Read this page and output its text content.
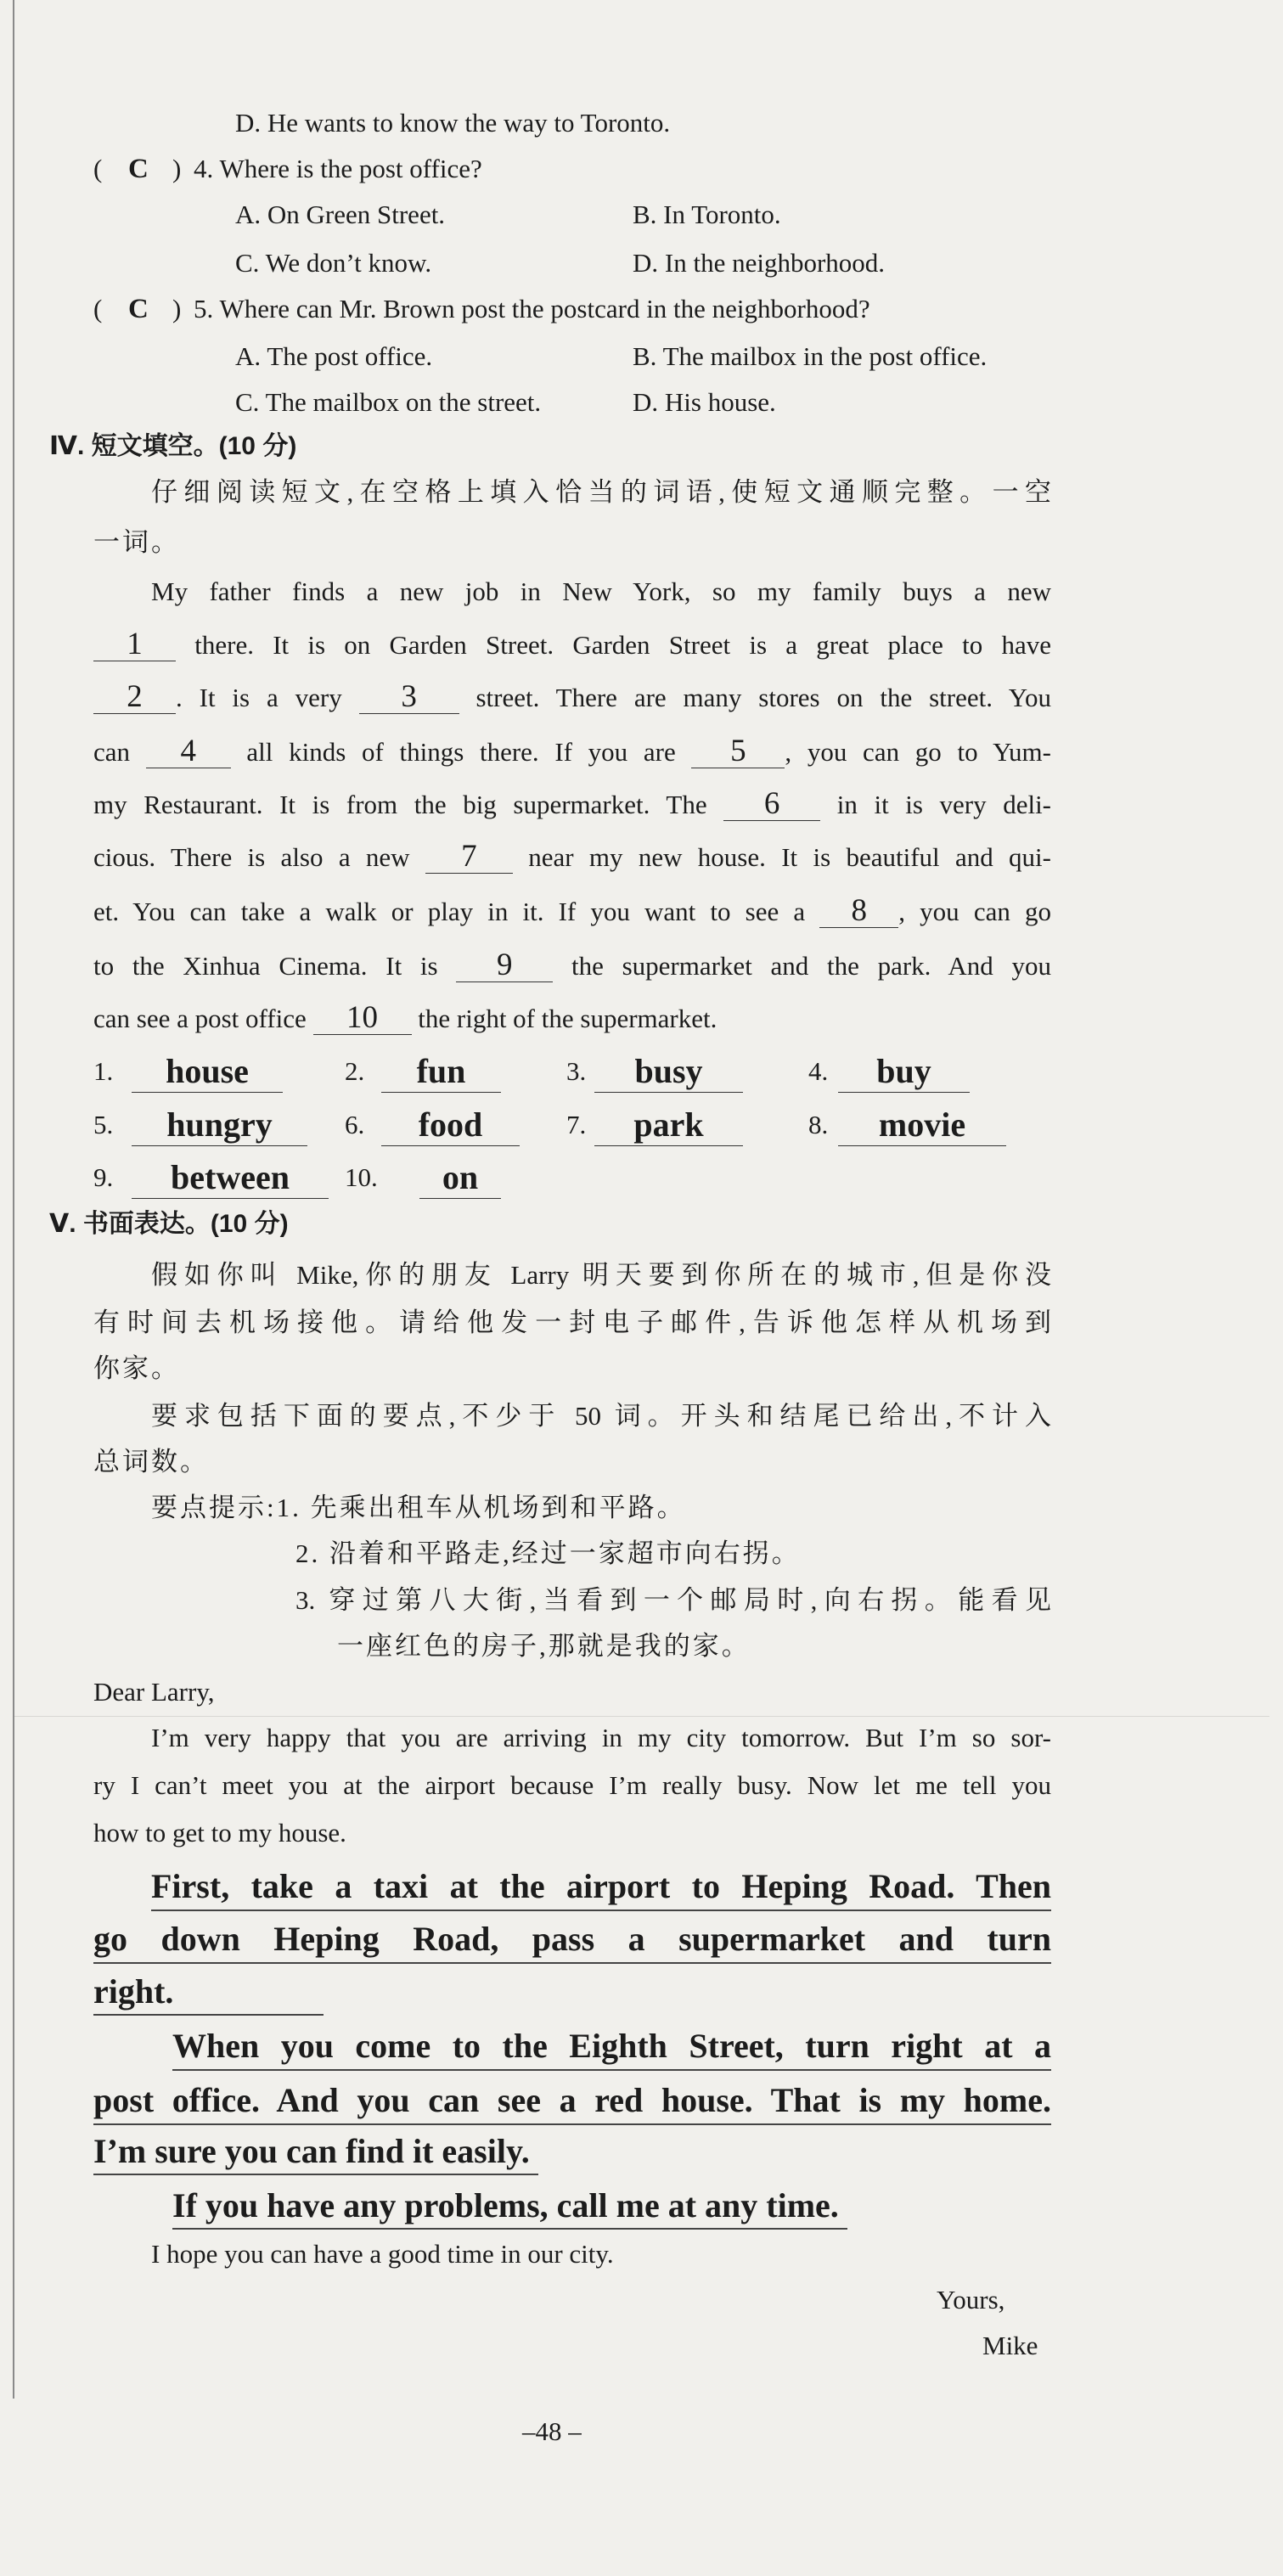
D. He wants to know the way to Toronto.
( C ) 4. Where is the post office?
A. On Green Street.	B. In Toronto.
C. We don’t know.	D. In the neighborhood.
( C ) 5. Where can Mr. Brown post the postcard in the neighborhood?
A. The post office.	B. The mailbox in the post office.
C. The mailbox on the street.	D. His house.
Ⅳ. 短文填空。(10 分)
仔细阅读短文,在空格上填入恰当的词语,使短文通顺完整。一空
一词。
My father finds a new job in New York, so my family buys a new
1 there. It is on Garden Street. Garden Street is a great place to have
2 . It is a very 3 street. There are many stores on the street. You
can 4 all kinds of things there. If you are 5 , you can go to Yum-
my Restaurant. It is from the big supermarket. The 6 in it is very deli-
cious. There is also a new 7 near my new house. It is beautiful and qui-
et. You can take a walk or play in it. If you want to see a 8 , you can go
to the Xinhua Cinema. It is 9 the supermarket and the park. And you
can see a post office 10 the right of the supermarket.
1.	house	2.	fun	3.	busy	4.	buy
5.	hungry	6.	food	7.	park	8.	movie
9.	between	10.	on
Ⅴ. 书面表达。(10 分)
假如你叫 Mike,你的朋友 Larry 明天要到你所在的城市,但是你没
有时间去机场接他。请给他发一封电子邮件,告诉他怎样从机场到
你家。
要求包括下面的要点,不少于 50 词。开头和结尾已给出,不计入
总词数。
要点提示:1. 先乘出租车从机场到和平路。
2. 沿着和平路走,经过一家超市向右拐。
3. 穿过第八大街,当看到一个邮局时,向右拐。能看见
一座红色的房子,那就是我的家。
Dear Larry,
I’m very happy that you are arriving in my city tomorrow. But I’m so sor-
ry I can’t meet you at the airport because I’m really busy. Now let me tell you
how to get to my house.
First, take a taxi at the airport to Heping Road. Then
go down Heping Road, pass a supermarket and turn
right.
When you come to the Eighth Street, turn right at a
post office. And you can see a red house. That is my home.
I’m sure you can find it easily.
If you have any problems, call me at any time.
I hope you can have a good time in our city.
Yours,
Mike
–48 –
